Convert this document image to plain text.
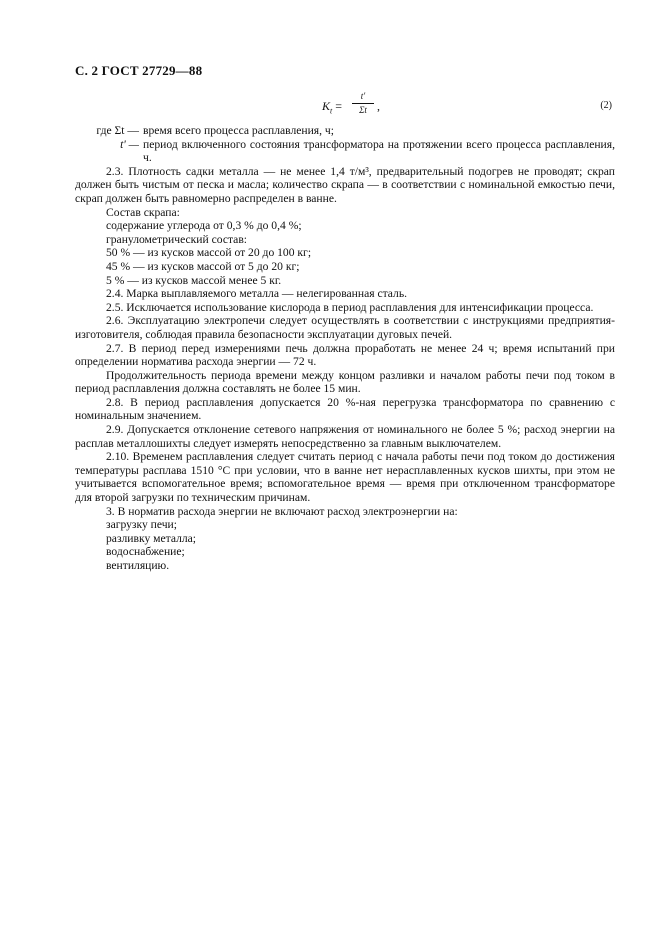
С. 2 ГОСТ 27729—88
$K_t$ =
t'
Σt ,	(2)
где Σt — время всего процесса расплавления, ч;
t' — период включенного состояния трансформатора на протяжении всего процесса расплавления, ч.

2.3. Плотность садки металла — не менее 1,4 т/м³, предварительный подогрев не проводят; скрап должен быть чистым от песка и масла; количество скрапа — в соответствии с номинальной емкостью печи, скрап должен быть равномерно распределен в ванне.

Состав скрапа:

содержание углерода от 0,3 % до 0,4 %;

гранулометрический состав:

50 % — из кусков массой от 20 до 100 кг;

45 % — из кусков массой от 5 до 20 кг;

5 % — из кусков массой менее 5 кг.

2.4. Марка выплавляемого металла — нелегированная сталь.

2.5. Исключается использование кислорода в период расплавления для интенсификации процесса.

2.6. Эксплуатацию электропечи следует осуществлять в соответствии с инструкциями предприятия-изготовителя, соблюдая правила безопасности эксплуатации дуговых печей.

2.7. В период перед измерениями печь должна проработать не менее 24 ч; время испытаний при определении норматива расхода энергии — 72 ч.

Продолжительность периода времени между концом разливки и началом работы печи под током в период расплавления должна составлять не более 15 мин.

2.8. В период расплавления допускается 20 %-ная перегрузка трансформатора по сравнению с номинальным значением.

2.9. Допускается отклонение сетевого напряжения от номинального не более 5 %; расход энергии на расплав металлошихты следует измерять непосредственно за главным выключателем.

2.10. Временем расплавления следует считать период с начала работы печи под током до достижения температуры расплава 1510 °С при условии, что в ванне нет нерасплавленных кусков шихты, при этом не учитывается вспомогательное время; вспомогательное время — время при отключенном трансформаторе для второй загрузки по техническим причинам.

3. В норматив расхода энергии не включают расход электроэнергии на:

загрузку печи;

разливку металла;

водоснабжение;

вентиляцию.
